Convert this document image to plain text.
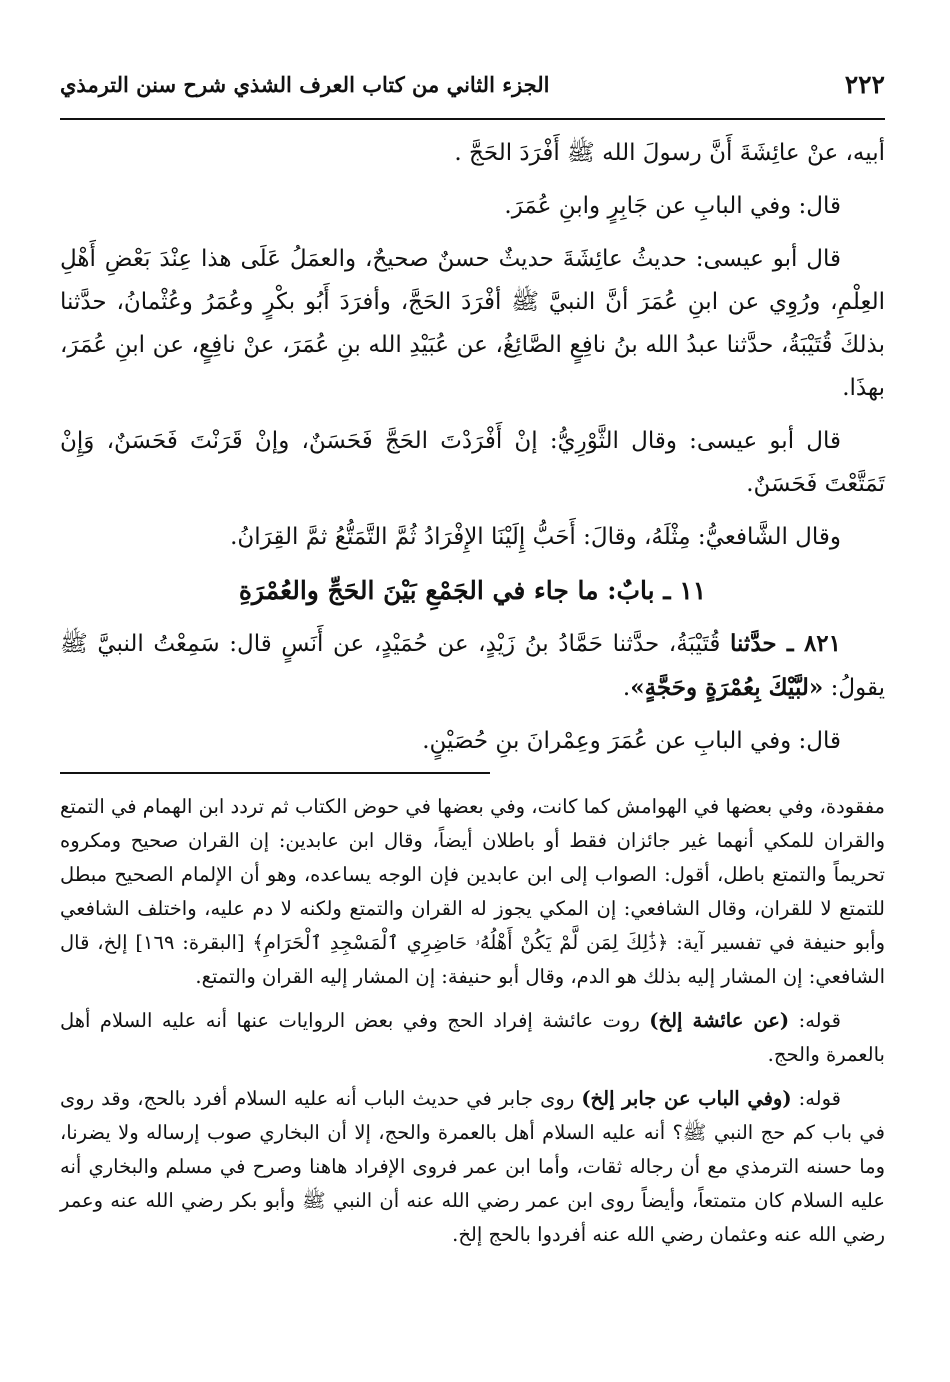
٢٢٢
الجزء الثاني من كتاب العرف الشذي شرح سنن الترمذي

أبيه، عنْ عائِشَةَ أَنَّ رسولَ الله ﷺ أَفْرَدَ الحَجَّ .

قال: وفي البابِ عن جَابِرٍ وابنِ عُمَرَ.

قال أبو عيسى: حديثُ عائِشَةَ حديثٌ حسنٌ صحيحٌ، والعمَلُ عَلَى هذا عِنْدَ بَعْضِ أَهْلِ العِلْمِ، ورُوِي عن ابنِ عُمَرَ أنَّ النبيَّ ﷺ أفْرَدَ الحَجَّ، وأفرَدَ أَبُو بكْرٍ وعُمَرُ وعُثْمانُ، حدَّثنا بذلكَ قُتَيْبَةُ، حدَّثنا عبدُ الله بنُ نافِعٍ الصَّائِغُ، عن عُبَيْدِ الله بنِ عُمَرَ، عنْ نافِعٍ، عن ابنِ عُمَرَ، بهذَا.

قال أبو عيسى: وقال الثَّوْرِيُّ: إنْ أَفْرَدْتَ الحَجَّ فَحَسَنٌ، وإنْ قَرَنْتَ فَحَسَنٌ، وَإِنْ تَمَتَّعْتَ فَحَسَنٌ.

وقال الشَّافعيُّ: مِثْلَهُ، وقالَ: أَحَبُّ إِلَيْنَا الإِفْرَادُ ثُمَّ التَّمَتُّعُ ثمَّ القِرَانُ.

١١ ـ بابٌ: ما جاء في الجَمْعِ بَيْنَ الحَجِّ والعُمْرَةِ

٨٢١ ـ حدَّثنا قُتَيْبَةُ، حدَّثنا حَمَّادُ بنُ زَيْدٍ، عن حُمَيْدٍ، عن أَنَسٍ قال: سَمِعْتُ النبيَّ ﷺ يقولُ: «لبَّيْكَ بِعُمْرَةٍ وحَجَّةٍ».

قال: وفي البابِ عن عُمَرَ وعِمْرانَ بنِ حُصَيْنٍ.

مفقودة، وفي بعضها في الهوامش كما كانت، وفي بعضها في حوض الكتاب ثم تردد ابن الهمام في التمتع والقران للمكي أنهما غير جائزان فقط أو باطلان أيضاً، وقال ابن عابدين: إن القران صحيح ومكروه تحريماً والتمتع باطل، أقول: الصواب إلى ابن عابدين فإن الوجه يساعده، وهو أن الإلمام الصحيح مبطل للتمتع لا للقران، وقال الشافعي: إن المكي يجوز له القران والتمتع ولكنه لا دم عليه، واختلف الشافعي وأبو حنيفة في تفسير آية: ﴿ذَٰلِكَ لِمَن لَّمْ يَكُنْ أَهْلُهُۥ حَاضِرِي ٱلْمَسْجِدِ ٱلْحَرَامِ﴾ [البقرة: ١٦٩] إلخ، قال الشافعي: إن المشار إليه بذلك هو الدم، وقال أبو حنيفة: إن المشار إليه القران والتمتع.

قوله: (عن عائشة إلخ) روت عائشة إفراد الحج وفي بعض الروايات عنها أنه عليه السلام أهل بالعمرة والحج.

قوله: (وفي الباب عن جابر إلخ) روى جابر في حديث الباب أنه عليه السلام أفرد بالحج، وقد روى في باب كم حج النبي ﷺ؟ أنه عليه السلام أهل بالعمرة والحج، إلا أن البخاري صوب إرساله ولا يضرنا، وما حسنه الترمذي مع أن رجاله ثقات، وأما ابن عمر فروى الإفراد هاهنا وصرح في مسلم والبخاري أنه عليه السلام كان متمتعاً، وأيضاً روى ابن عمر رضي الله عنه أن النبي ﷺ وأبو بكر رضي الله عنه وعمر رضي الله عنه وعثمان رضي الله عنه أفردوا بالحج إلخ.
